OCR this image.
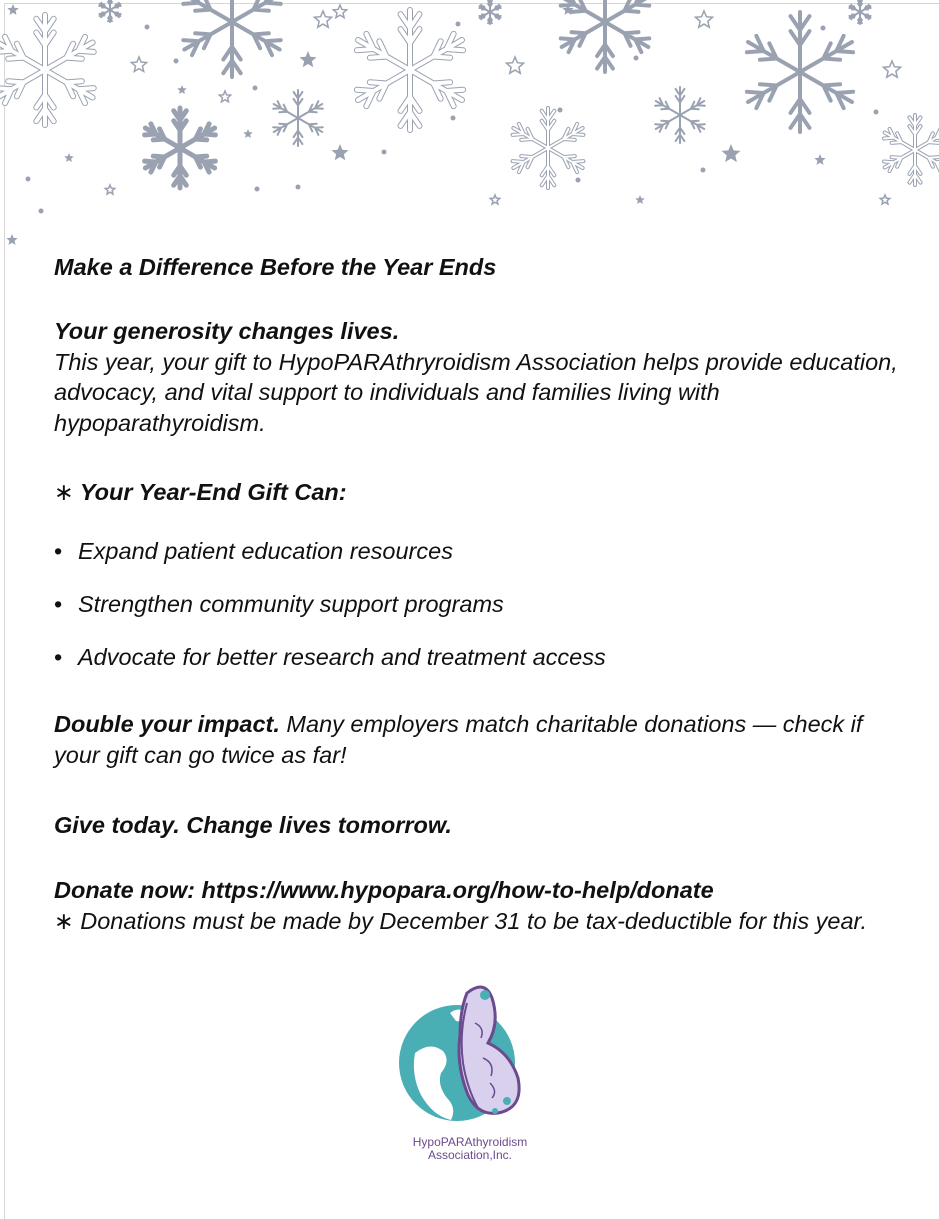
Make a Difference Before the Year Ends

Your generosity changes lives.
This year, your gift to HypoPARAthryroidism Association helps provide education, advocacy, and vital support to individuals and families living with hypoparathyroidism.

∗ Your Year-End Gift Can:

• Expand patient education resources
• Strengthen community support programs
• Advocate for better research and treatment access

Double your impact. Many employers match charitable donations — check if your gift can go twice as far!

Give today. Change lives tomorrow.

Donate now: https://www.hypopara.org/how-to-help/donate
∗ Donations must be made by December 31 to be tax-deductible for this year.

HypoPARAthyroidism
Association,Inc.
